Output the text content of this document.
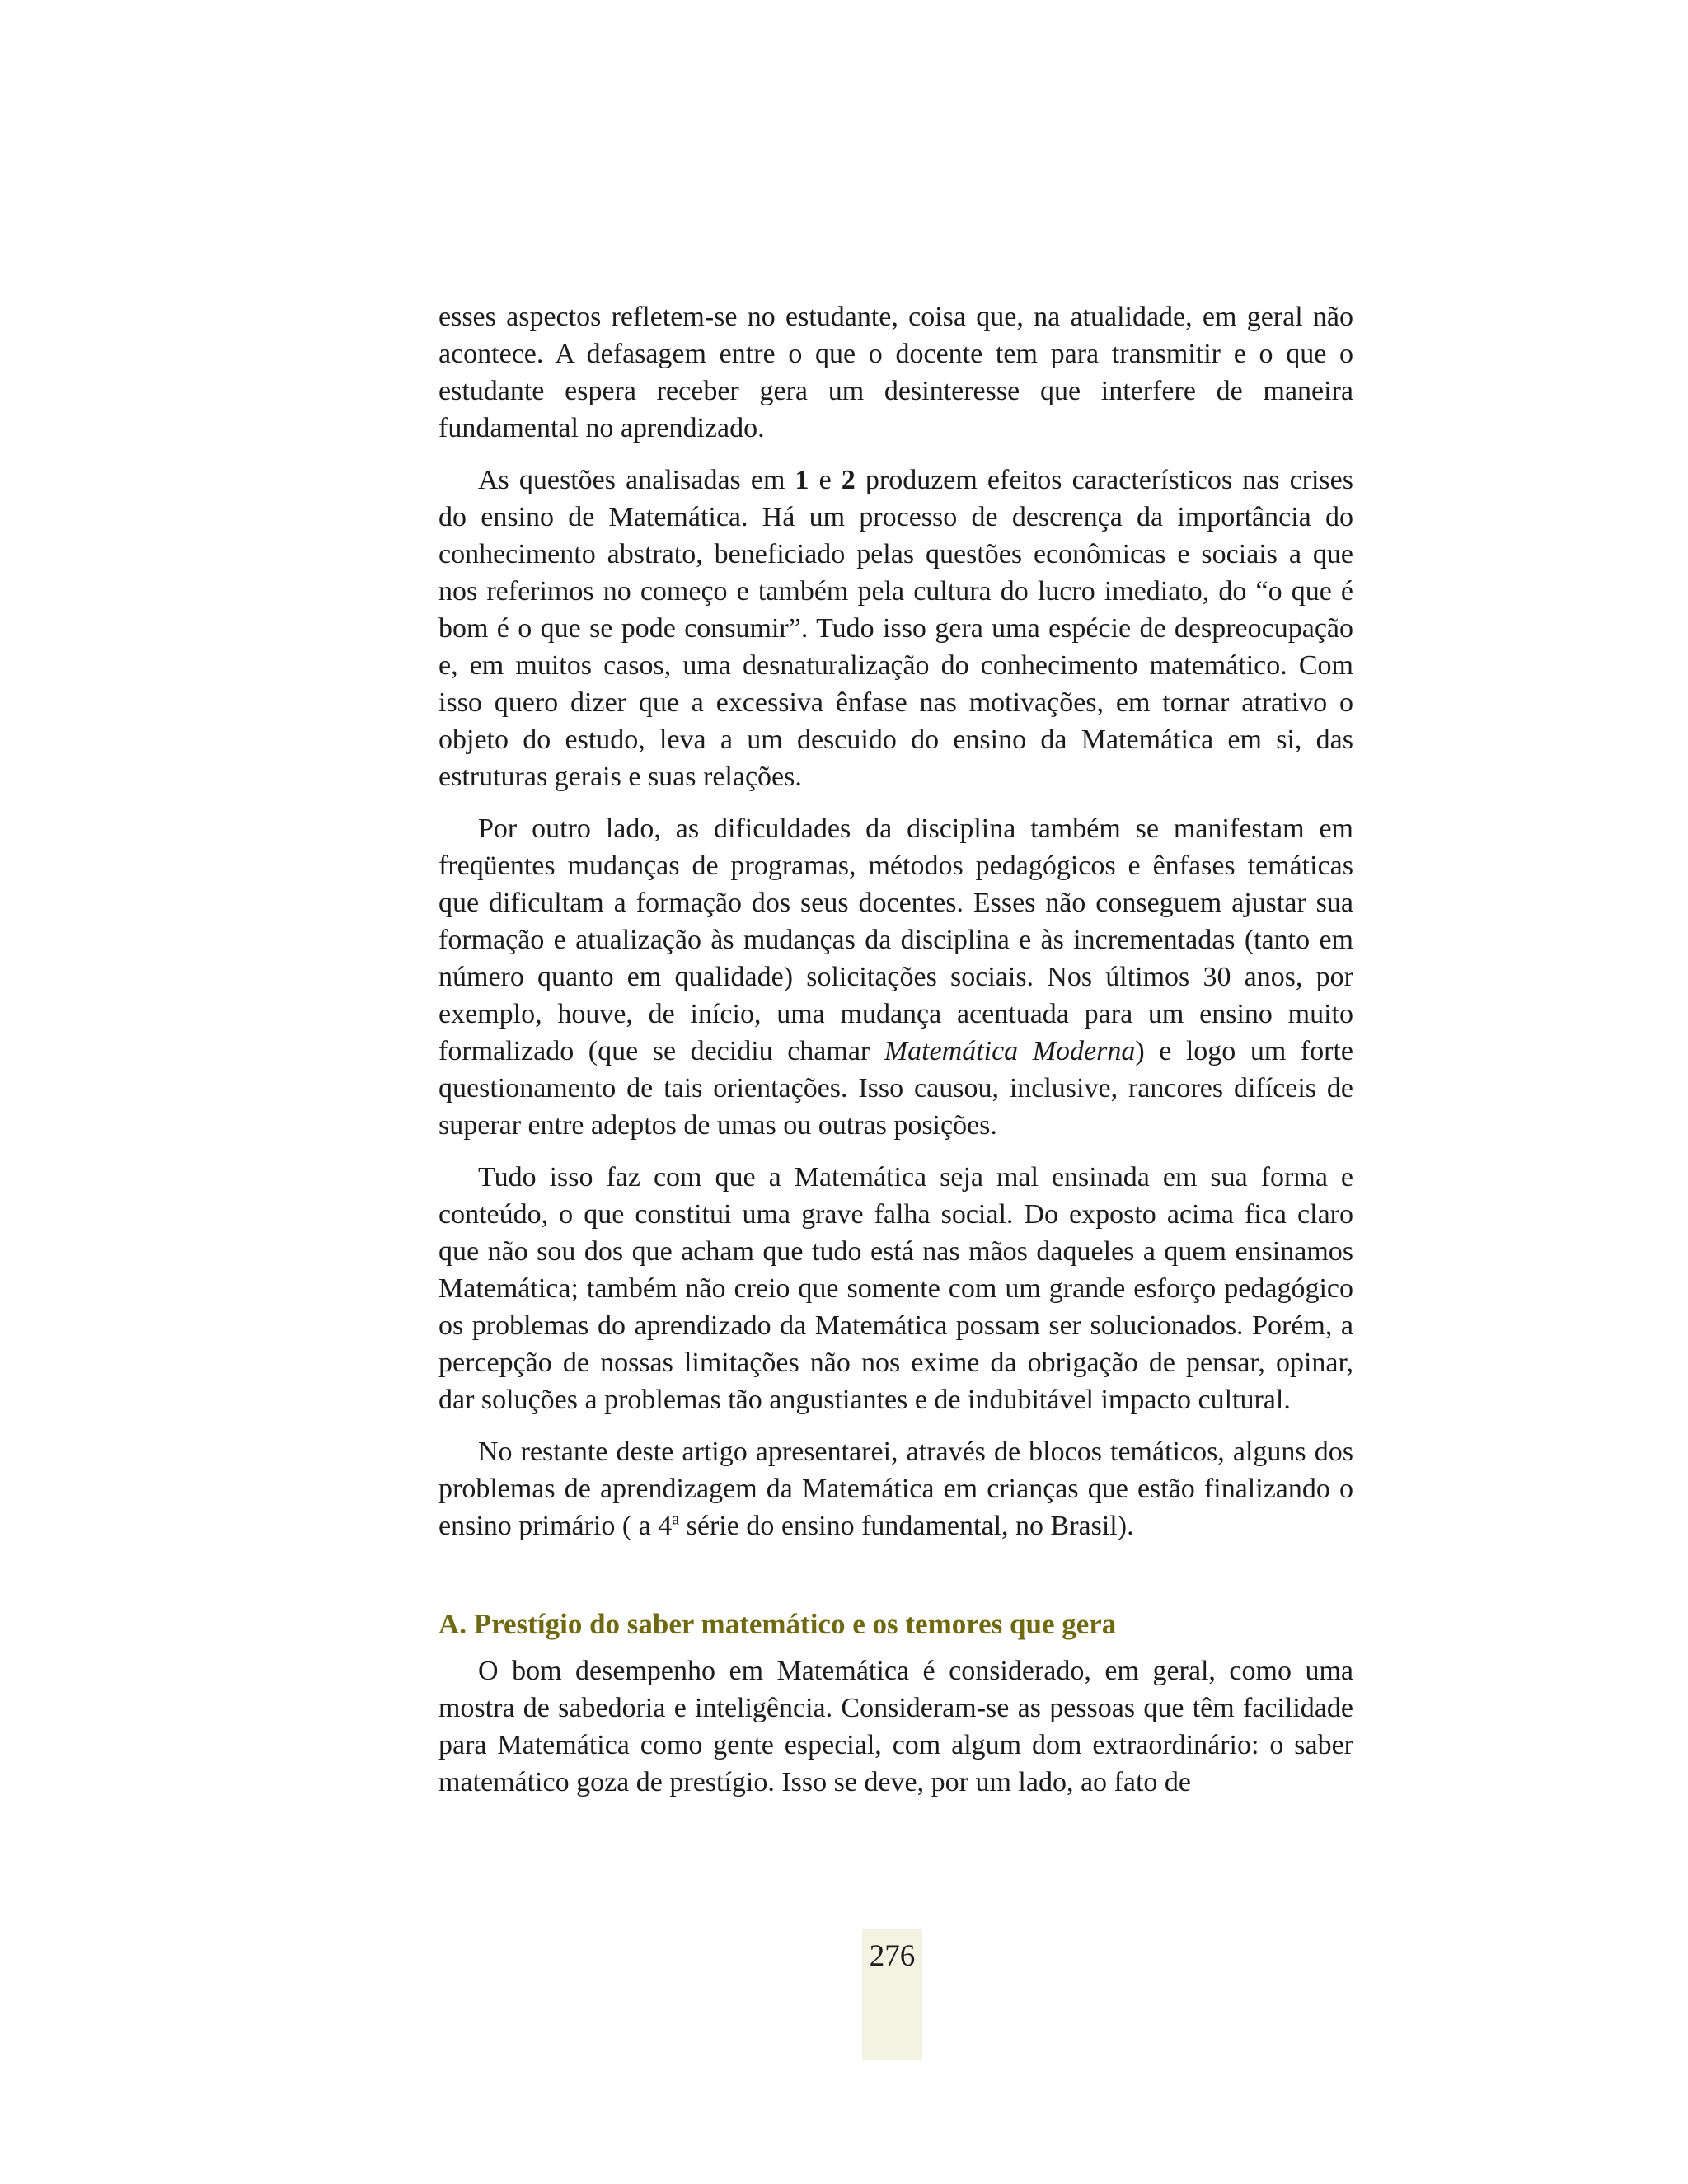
esses aspectos refletem-se no estudante, coisa que, na atualidade, em geral não acontece. A defasagem entre o que o docente tem para transmitir e o que o estudante espera receber gera um desinteresse que interfere de maneira fundamental no aprendizado.

As questões analisadas em 1 e 2 produzem efeitos característicos nas crises do ensino de Matemática. Há um processo de descrença da importância do conhecimento abstrato, beneficiado pelas questões econômicas e sociais a que nos referimos no começo e também pela cultura do lucro imediato, do “o que é bom é o que se pode consumir”. Tudo isso gera uma espécie de despreocupação e, em muitos casos, uma desnaturalização do conhecimento matemático. Com isso quero dizer que a excessiva ênfase nas motivações, em tornar atrativo o objeto do estudo, leva a um descuido do ensino da Matemática em si, das estruturas gerais e suas relações.

Por outro lado, as dificuldades da disciplina também se manifestam em freqüentes mudanças de programas, métodos pedagógicos e ênfases temáticas que dificultam a formação dos seus docentes. Esses não conseguem ajustar sua formação e atualização às mudanças da disciplina e às incrementadas (tanto em número quanto em qualidade) solicitações sociais. Nos últimos 30 anos, por exemplo, houve, de início, uma mudança acentuada para um ensino muito formalizado (que se decidiu chamar Matemática Moderna) e logo um forte questionamento de tais orientações. Isso causou, inclusive, rancores difíceis de superar entre adeptos de umas ou outras posições.

Tudo isso faz com que a Matemática seja mal ensinada em sua forma e conteúdo, o que constitui uma grave falha social. Do exposto acima fica claro que não sou dos que acham que tudo está nas mãos daqueles a quem ensinamos Matemática; também não creio que somente com um grande esforço pedagógico os problemas do aprendizado da Matemática possam ser solucionados. Porém, a percepção de nossas limitações não nos exime da obrigação de pensar, opinar, dar soluções a problemas tão angustiantes e de indubitável impacto cultural.

No restante deste artigo apresentarei, através de blocos temáticos, alguns dos problemas de aprendizagem da Matemática em crianças que estão finalizando o ensino primário ( a 4$^a$ série do ensino fundamental, no Brasil).

A. Prestígio do saber matemático e os temores que gera

O bom desempenho em Matemática é considerado, em geral, como uma mostra de sabedoria e inteligência. Consideram-se as pessoas que têm facilidade para Matemática como gente especial, com algum dom extraordinário: o saber matemático goza de prestígio. Isso se deve, por um lado, ao fato de

276
